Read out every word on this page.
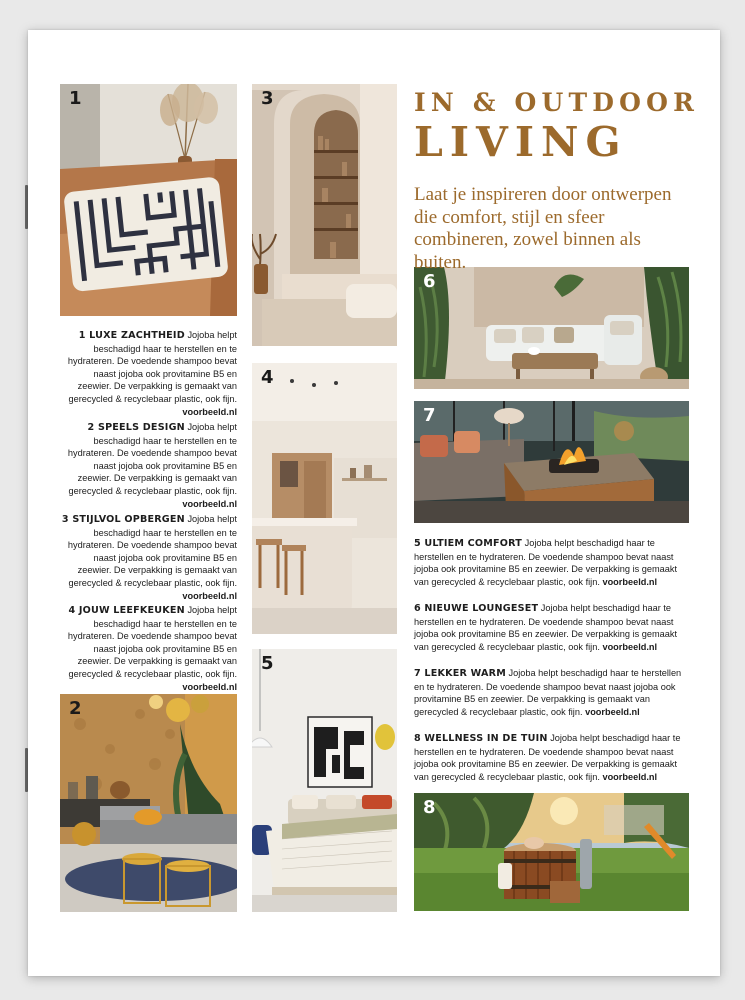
1
2
3
4
5
6
7
8
IN & OUTDOOR
LIVING
Laat je inspireren door ontwerpen die comfort, stijl en sfeer combineren, zowel binnen als buiten.
1 LUXE ZACHTHEID Jojoba helpt beschadigd haar te herstellen en te hydrateren. De voedende shampoo bevat naast jojoba ook provitamine B5 en zeewier. De verpakking is gemaakt van gerecycled & recyclebaar plastic, ook fijn. voorbeeld.nl
2 SPEELS DESIGN Jojoba helpt beschadigd haar te herstellen en te hydrateren. De voedende shampoo bevat naast jojoba ook provitamine B5 en zeewier. De verpakking is gemaakt van gerecycled & recyclebaar plastic, ook fijn. voorbeeld.nl
3 STIJLVOL OPBERGEN Jojoba helpt beschadigd haar te herstellen en te hydrateren. De voedende shampoo bevat naast jojoba ook provitamine B5 en zeewier. De verpakking is gemaakt van gerecycled & recyclebaar plastic, ook fijn. voorbeeld.nl
4 JOUW LEEFKEUKEN Jojoba helpt beschadigd haar te herstellen en te hydrateren. De voedende shampoo bevat naast jojoba ook provitamine B5 en zeewier. De verpakking is gemaakt van gerecycled & recyclebaar plastic, ook fijn. voorbeeld.nl
5 ULTIEM COMFORT Jojoba helpt beschadigd haar te herstellen en te hydrateren. De voedende shampoo bevat naast jojoba ook provitamine B5 en zeewier. De verpakking is gemaakt van gerecycled & recyclebaar plastic, ook fijn. voorbeeld.nl
6 NIEUWE LOUNGESET Jojoba helpt beschadigd haar te herstellen en te hydrateren. De voedende shampoo bevat naast jojoba ook provitamine B5 en zeewier. De verpakking is gemaakt van gerecycled & recyclebaar plastic, ook fijn. voorbeeld.nl
7 LEKKER WARM Jojoba helpt beschadigd haar te herstellen en te hydrateren. De voedende shampoo bevat naast jojoba ook provitamine B5 en zeewier. De verpakking is gemaakt van gerecycled & recyclebaar plastic, ook fijn. voorbeeld.nl
8 WELLNESS IN DE TUIN Jojoba helpt beschadigd haar te herstellen en te hydrateren. De voedende shampoo bevat naast jojoba ook provitamine B5 en zeewier. De verpakking is gemaakt van gerecycled & recyclebaar plastic, ook fijn. voorbeeld.nl
